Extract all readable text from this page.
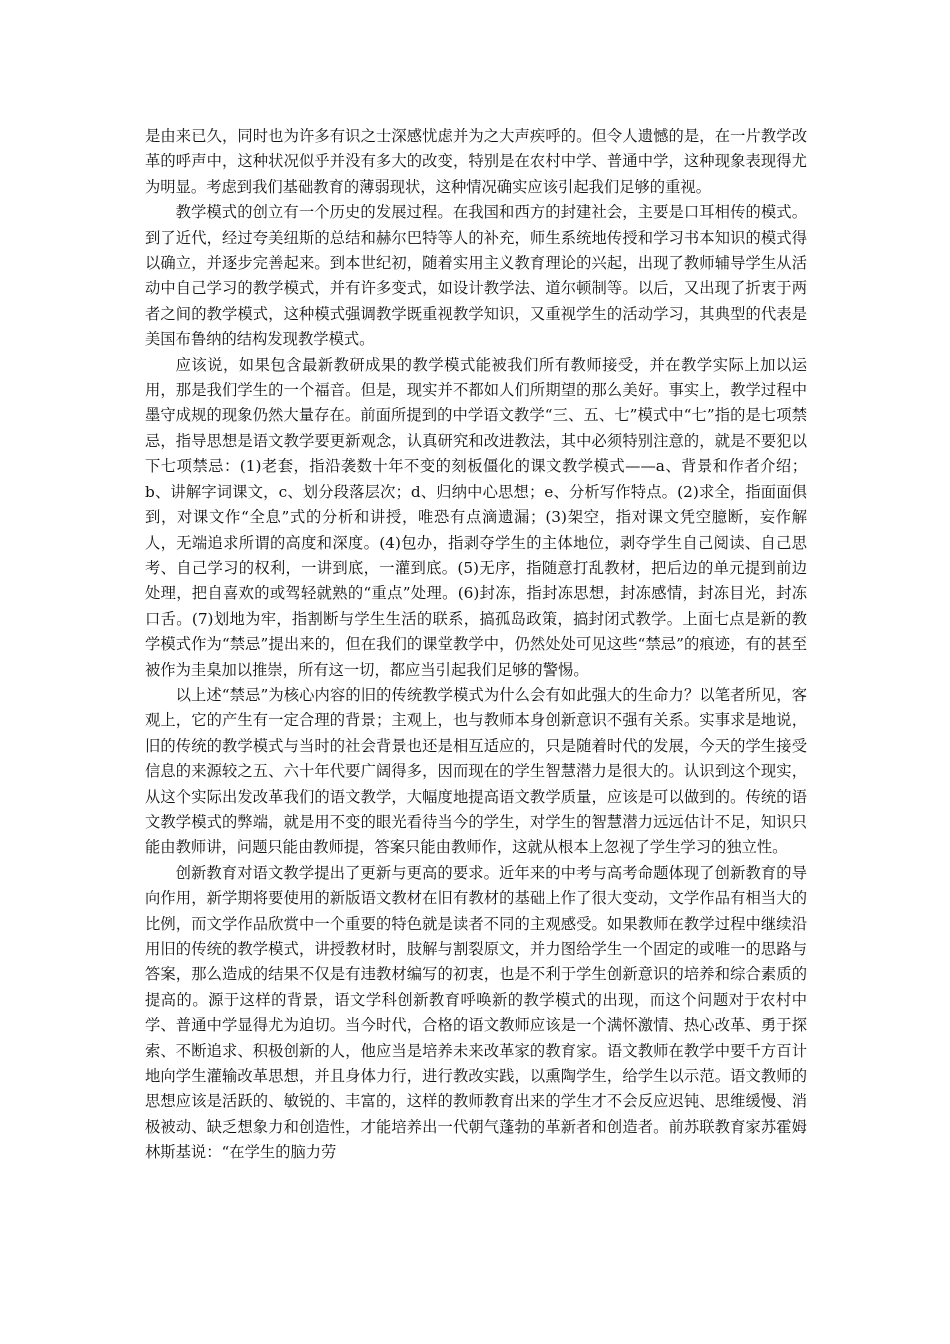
是由来已久，同时也为许多有识之士深感忧虑并为之大声疾呼的。但令人遗憾的是，在一片教学改革的呼声中，这种状况似乎并没有多大的改变，特别是在农村中学、普通中学，这种现象表现得尤为明显。考虑到我们基础教育的薄弱现状，这种情况确实应该引起我们足够的重视。

教学模式的创立有一个历史的发展过程。在我国和西方的封建社会，主要是口耳相传的模式。到了近代，经过夸美纽斯的总结和赫尔巴特等人的补充，师生系统地传授和学习书本知识的模式得以确立，并逐步完善起来。到本世纪初，随着实用主义教育理论的兴起，出现了教师辅导学生从活动中自己学习的教学模式，并有许多变式，如设计教学法、道尔顿制等。以后，又出现了折衷于两者之间的教学模式，这种模式强调教学既重视教学知识，又重视学生的活动学习，其典型的代表是美国布鲁纳的结构发现教学模式。

应该说，如果包含最新教研成果的教学模式能被我们所有教师接受，并在教学实际上加以运用，那是我们学生的一个福音。但是，现实并不都如人们所期望的那么美好。事实上，教学过程中墨守成规的现象仍然大量存在。前面所提到的中学语文教学“三、五、七”模式中“七”指的是七项禁忌，指导思想是语文教学要更新观念，认真研究和改进教法，其中必须特别注意的，就是不要犯以下七项禁忌：(1)老套，指沿袭数十年不变的刻板僵化的课文教学模式——a、背景和作者介绍；b、讲解字词课文，c、划分段落层次；d、归纳中心思想；e、分析写作特点。(2)求全，指面面俱到，对课文作“全息”式的分析和讲授，唯恐有点滴遗漏；(3)架空，指对课文凭空臆断，妄作解人，无端追求所谓的高度和深度。(4)包办，指剥夺学生的主体地位，剥夺学生自己阅读、自己思考、自己学习的权利，一讲到底，一灌到底。(5)无序，指随意打乱教材，把后边的单元提到前边处理，把自喜欢的或驾轻就熟的“重点”处理。(6)封冻，指封冻思想，封冻感情，封冻目光，封冻口舌。(7)划地为牢，指割断与学生生活的联系，搞孤岛政策，搞封闭式教学。上面七点是新的教学模式作为“禁忌”提出来的，但在我们的课堂教学中，仍然处处可见这些“禁忌”的痕迹，有的甚至被作为圭臬加以推崇，所有这一切，都应当引起我们足够的警惕。

以上述“禁忌”为核心内容的旧的传统教学模式为什么会有如此强大的生命力？以笔者所见，客观上，它的产生有一定合理的背景；主观上，也与教师本身创新意识不强有关系。实事求是地说，旧的传统的教学模式与当时的社会背景也还是相互适应的，只是随着时代的发展，今天的学生接受信息的来源较之五、六十年代要广阔得多，因而现在的学生智慧潜力是很大的。认识到这个现实，从这个实际出发改革我们的语文教学，大幅度地提高语文教学质量，应该是可以做到的。传统的语文教学模式的弊端，就是用不变的眼光看待当今的学生，对学生的智慧潜力远远估计不足，知识只能由教师讲，问题只能由教师提，答案只能由教师作，这就从根本上忽视了学生学习的独立性。

创新教育对语文教学提出了更新与更高的要求。近年来的中考与高考命题体现了创新教育的导向作用，新学期将要使用的新版语文教材在旧有教材的基础上作了很大变动，文学作品有相当大的比例，而文学作品欣赏中一个重要的特色就是读者不同的主观感受。如果教师在教学过程中继续沿用旧的传统的教学模式，讲授教材时，肢解与割裂原文，并力图给学生一个固定的或唯一的思路与答案，那么造成的结果不仅是有违教材编写的初衷，也是不利于学生创新意识的培养和综合素质的提高的。源于这样的背景，语文学科创新教育呼唤新的教学模式的出现，而这个问题对于农村中学、普通中学显得尤为迫切。当今时代，合格的语文教师应该是一个满怀激情、热心改革、勇于探索、不断追求、积极创新的人，他应当是培养未来改革家的教育家。语文教师在教学中要千方百计地向学生灌输改革思想，并且身体力行，进行教改实践，以熏陶学生，给学生以示范。语文教师的思想应该是活跃的、敏锐的、丰富的，这样的教师教育出来的学生才不会反应迟钝、思维缓慢、消极被动、缺乏想象力和创造性，才能培养出一代朝气蓬勃的革新者和创造者。前苏联教育家苏霍姆林斯基说：“在学生的脑力劳
